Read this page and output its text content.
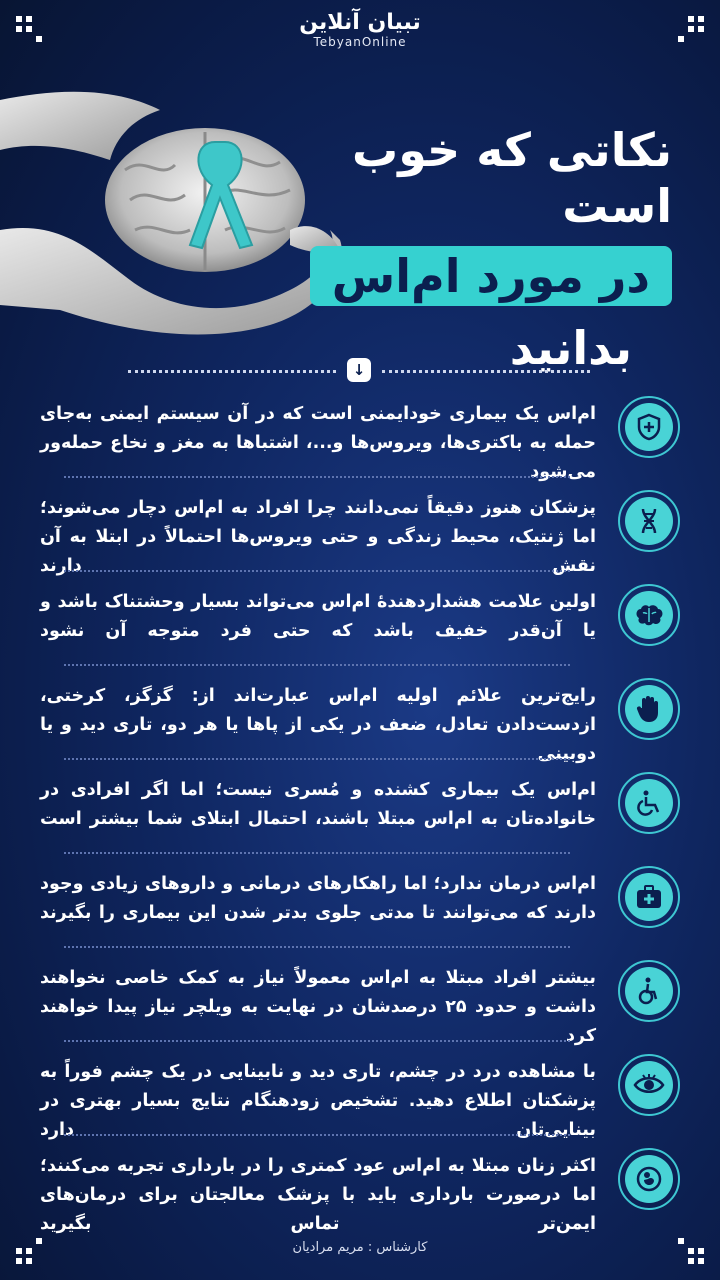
تبیان آنلاین
TebyanOnline
نکاتی که خوب است
در مورد ام‌اس
بدانید
↓
ام‌اس یک بیماری خودایمنی است که در آن سیستم ایمنی به‌جای حمله به باکتری‌ها، ویروس‌ها و...، اشتباها به مغز و نخاع حمله‌ور می‌شود
پزشکان هنوز دقیقاً نمی‌دانند چرا افراد به ام‌اس دچار می‌شوند؛ اما ژنتیک، محیط زندگی و حتی ویروس‌ها احتمالاً در ابتلا به آن نقش دارند
اولین علامت هشداردهندهٔ ام‌اس می‌تواند بسیار وحشتناک باشد و یا آن‌قدر خفیف باشد که حتی فرد متوجه آن نشود
رایج‌ترین علائم اولیه ام‌اس عبارت‌اند از: گزگز، کرختی، ازدست‌دادن تعادل، ضعف در یکی از پاها یا هر دو، تاری دید و یا دوبینی
ام‌اس یک بیماری کشنده و مُسری نیست؛ اما اگر افرادی در خانواده‌تان به ام‌اس مبتلا باشند، احتمال ابتلای شما بیشتر است
ام‌اس درمان ندارد؛ اما راهکارهای درمانی و داروهای زیادی وجود دارند که می‌توانند تا مدتی جلوی بدتر شدن این بیماری را بگیرند
بیشتر افراد مبتلا به ام‌اس معمولاً نیاز به کمک خاصی نخواهند داشت و حدود ۲۵ درصدشان در نهایت به ویلچر نیاز پیدا خواهند کرد
با مشاهده درد در چشم، تاری دید و نابینایی در یک چشم فوراً به پزشکتان اطلاع دهید. تشخیص زودهنگام نتایج بسیار بهتری در بینایی‌تان دارد
اکثر زنان مبتلا به ام‌اس عود کمتری را در بارداری تجربه می‌کنند؛ اما درصورت بارداری باید با پزشک معالجتان برای درمان‌های ایمن‌تر تماس بگیرید
کارشناس : مریم مرادیان
